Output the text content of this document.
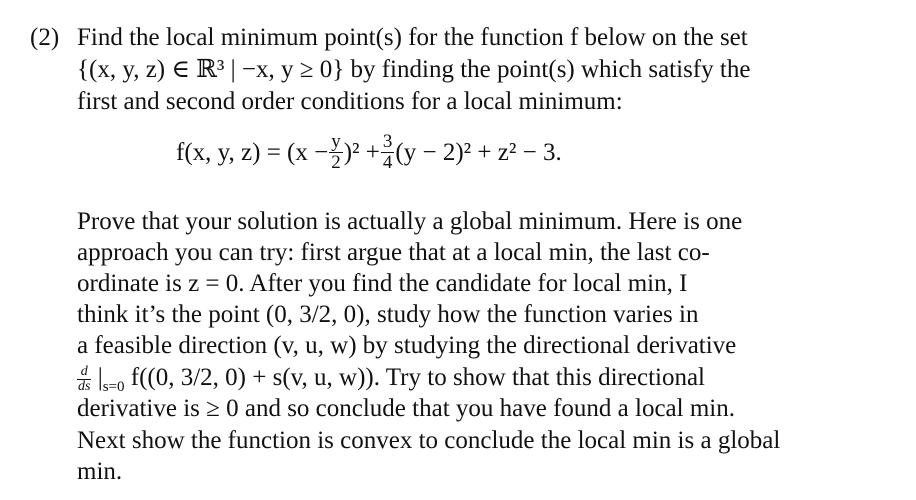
(2) Find the local minimum point(s) for the function f below on the set
{(x, y, z) ∈ ℝ³ | −x, y ≥ 0} by finding the point(s) which satisfy the
first and second order conditions for a local minimum:
f(x, y, $z) = (x - \frac{y}{2} )^2 + \frac{3}{4} (y - 2)^2 + z^2 - 3$.
Prove that your solution is actually a global minimum. Here is one
approach you can try: first argue that at a local min, the last co-
ordinate is z = 0. After you find the candidate for local min, I
think it’s the point (0, 3/2, 0), study how the function varies in
a feasible direction (v, u, w) by studying the directional derivative
$\frac{d}{ds} |_{s=0}$ f((0, 3/2, 0) + s(v, u, w)). Try to show that this directional
derivative is ≥ 0 and so conclude that you have found a local min.
Next show the function is convex to conclude the local min is a global
min.
